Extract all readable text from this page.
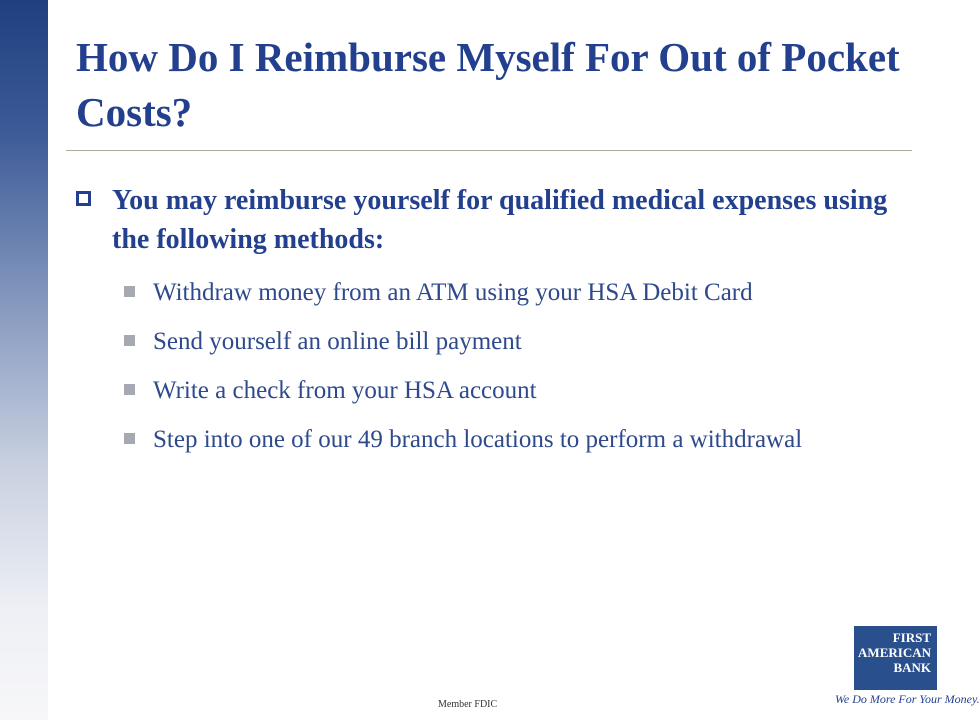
How Do I Reimburse Myself For Out of Pocket Costs?
You may reimburse yourself for qualified medical expenses using the following methods:
Withdraw money from an ATM using your HSA Debit Card
Send yourself an online bill payment
Write a check from your HSA account
Step into one of our 49 branch locations to perform a withdrawal
Member FDIC
FIRST
AMERICAN
BANK
We Do More For Your Money.
